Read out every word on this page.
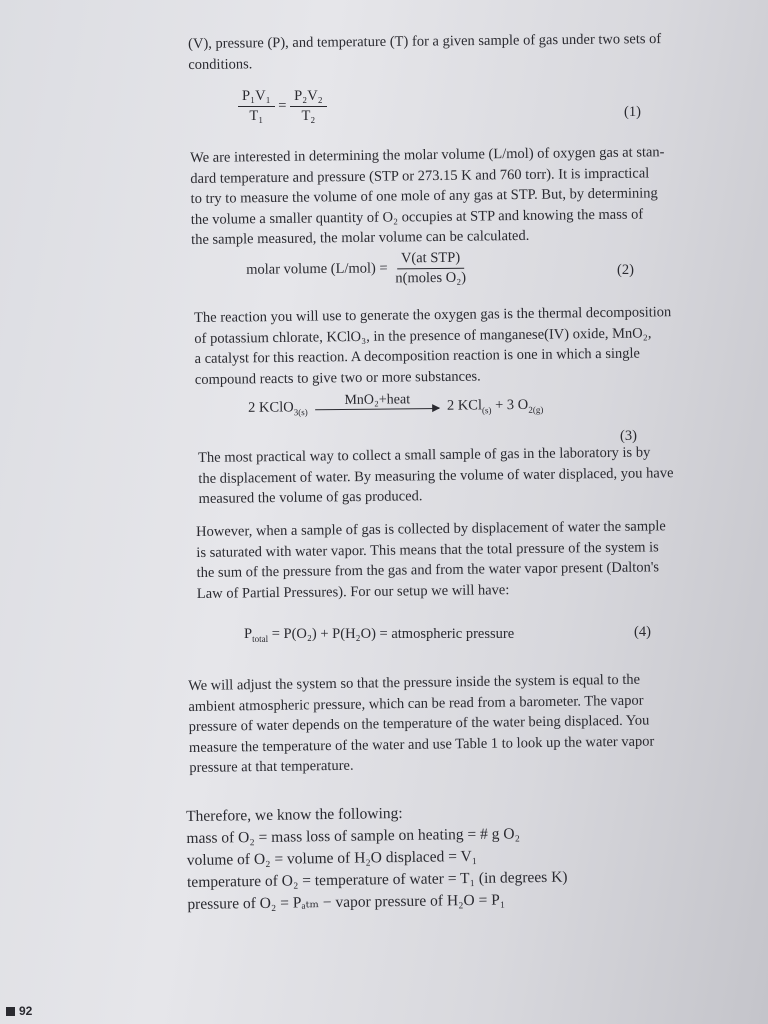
(V), pressure (P), and temperature (T) for a given sample of gas under two sets of
conditions.

$\frac{\text{P₁V₁}}{\text{T₁}} = \frac{\text{P₂V₂}}{\text{T₂}}$	(1)

We are interested in determining the molar volume (L/mol) of oxygen gas at stan-
dard temperature and pressure (STP or 273.15 K and 760 torr). It is impractical
to try to measure the volume of one mole of any gas at STP. But, by determining
the volume a smaller quantity of O₂ occupies at STP and knowing the mass of
the sample measured, the molar volume can be calculated.

molar volume $(L/mol) = \frac{\text{V(at STP)}}{\text{n(moles O₂)}}$	(2)

The reaction you will use to generate the oxygen gas is the thermal decomposition
of potassium chlorate, KClO₃, in the presence of manganese(IV) oxide, MnO₂,
a catalyst for this reaction. A decomposition reaction is one in which a single
compound reacts to give two or more substances.

2 KClO$_{3(s)}$
MnO₂+heat	2 KCl$_{(s)}$ + 3 $O_{2(g)}$
(3)

The most practical way to collect a small sample of gas in the laboratory is by
the displacement of water. By measuring the volume of water displaced, you have
measured the volume of gas produced.

However, when a sample of gas is collected by displacement of water the sample
is saturated with water vapor. This means that the total pressure of the system is
the sum of the pressure from the gas and from the water vapor present (Dalton's
Law of Partial Pressures). For our setup we will have:

$P_{total} = P(O_2) + P(H_2O)$ = atmospheric pressure	(4)

We will adjust the system so that the pressure inside the system is equal to the
ambient atmospheric pressure, which can be read from a barometer. The vapor
pressure of water depends on the temperature of the water being displaced. You
measure the temperature of the water and use Table 1 to look up the water vapor
pressure at that temperature.

Therefore, we know the following:
mass of O₂ = mass loss of sample on heating = # g O₂
volume of O₂ = volume of H₂O displaced = V₁
temperature of O₂ = temperature of water = T₁ (in degrees K)
pressure of O₂ = Pₐₜₘ − vapor pressure of H₂O = P₁

92
